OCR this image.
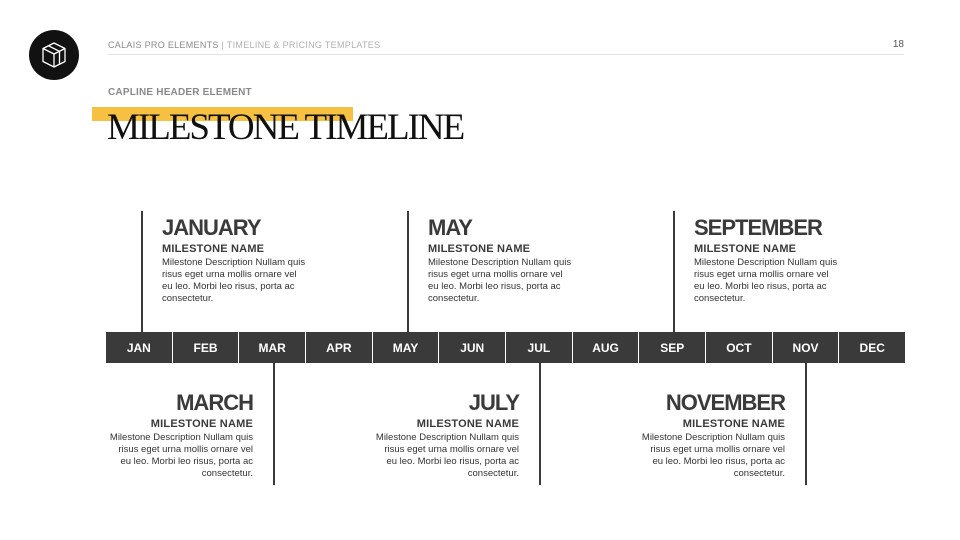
CALAIS PRO ELEMENTS | TIMELINE & PRICING TEMPLATES	18
CAPLINE HEADER ELEMENT
MILESTONE TIMELINE
JANUARY
MILESTONE NAME
Milestone Description Nullam quis
risus eget urna mollis ornare vel
eu leo. Morbi leo risus, porta ac
consectetur.
MAY
MILESTONE NAME
Milestone Description Nullam quis
risus eget urna mollis ornare vel
eu leo. Morbi leo risus, porta ac
consectetur.
SEPTEMBER
MILESTONE NAME
Milestone Description Nullam quis
risus eget urna mollis ornare vel
eu leo. Morbi leo risus, porta ac
consectetur.
JAN	FEB	MAR	APR	MAY	JUN	JUL	AUG	SEP	OCT	NOV	DEC
MARCH
MILESTONE NAME
Milestone Description Nullam quis
risus eget urna mollis ornare vel
eu leo. Morbi leo risus, porta ac
consectetur.
JULY
MILESTONE NAME
Milestone Description Nullam quis
risus eget urna mollis ornare vel
eu leo. Morbi leo risus, porta ac
consectetur.
NOVEMBER
MILESTONE NAME
Milestone Description Nullam quis
risus eget urna mollis ornare vel
eu leo. Morbi leo risus, porta ac
consectetur.
